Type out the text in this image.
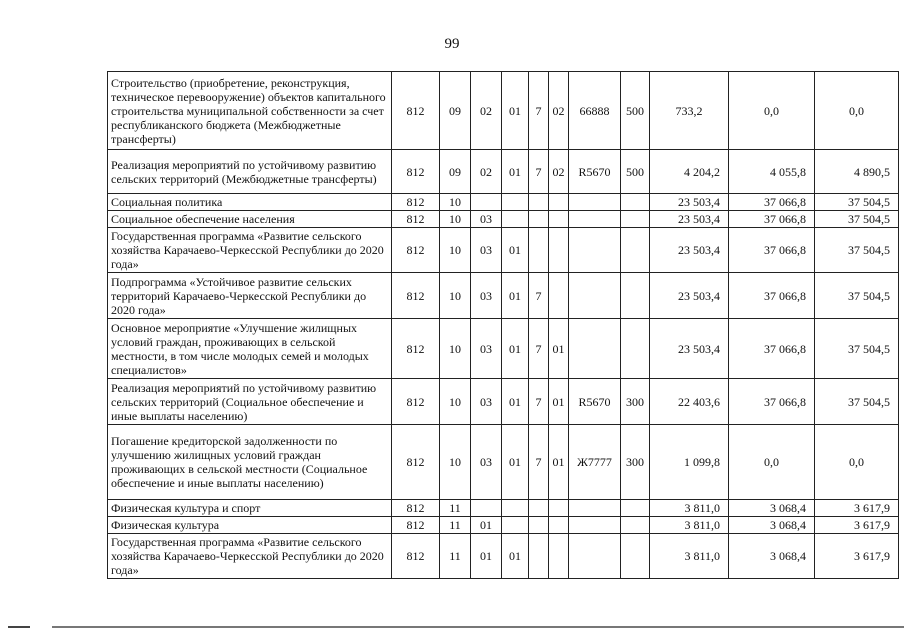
99
Строительство (приобретение, реконструкция, техническое перевооружение) объектов капитального строительства муниципальной собственности за счет республиканского бюджета (Межбюджетные трансферты)	812	09	02	01	7	02	66888	500	733,2	0,0	0,0
Реализация мероприятий по устойчивому развитию сельских территорий (Межбюджетные трансферты)	812	09	02	01	7	02	R5670	500	4 204,2	4 055,8	4 890,5
Социальная политика	812	10							23 503,4	37 066,8	37 504,5
Социальное обеспечение населения	812	10	03						23 503,4	37 066,8	37 504,5
Государственная программа «Развитие сельского хозяйства Карачаево-Черкесской Республики до 2020 года»	812	10	03	01					23 503,4	37 066,8	37 504,5
Подпрограмма «Устойчивое развитие сельских территорий Карачаево-Черкесской Республики до 2020 года»	812	10	03	01	7				23 503,4	37 066,8	37 504,5
Основное мероприятие «Улучшение жилищных условий граждан, проживающих в сельской местности, в том числе молодых семей и молодых специалистов»	812	10	03	01	7	01			23 503,4	37 066,8	37 504,5
Реализация мероприятий по устойчивому развитию сельских территорий (Социальное обеспечение и иные выплаты населению)	812	10	03	01	7	01	R5670	300	22 403,6	37 066,8	37 504,5
Погашение кредиторской задолженности по улучшению жилищных условий граждан проживающих в сельской местности (Социальное обеспечение и иные выплаты населению)	812	10	03	01	7	01	Ж7777	300	1 099,8	0,0	0,0
Физическая культура и спорт	812	11							3 811,0	3 068,4	3 617,9
Физическая культура	812	11	01						3 811,0	3 068,4	3 617,9
Государственная программа «Развитие сельского хозяйства Карачаево-Черкесской Республики до 2020 года»	812	11	01	01					3 811,0	3 068,4	3 617,9
